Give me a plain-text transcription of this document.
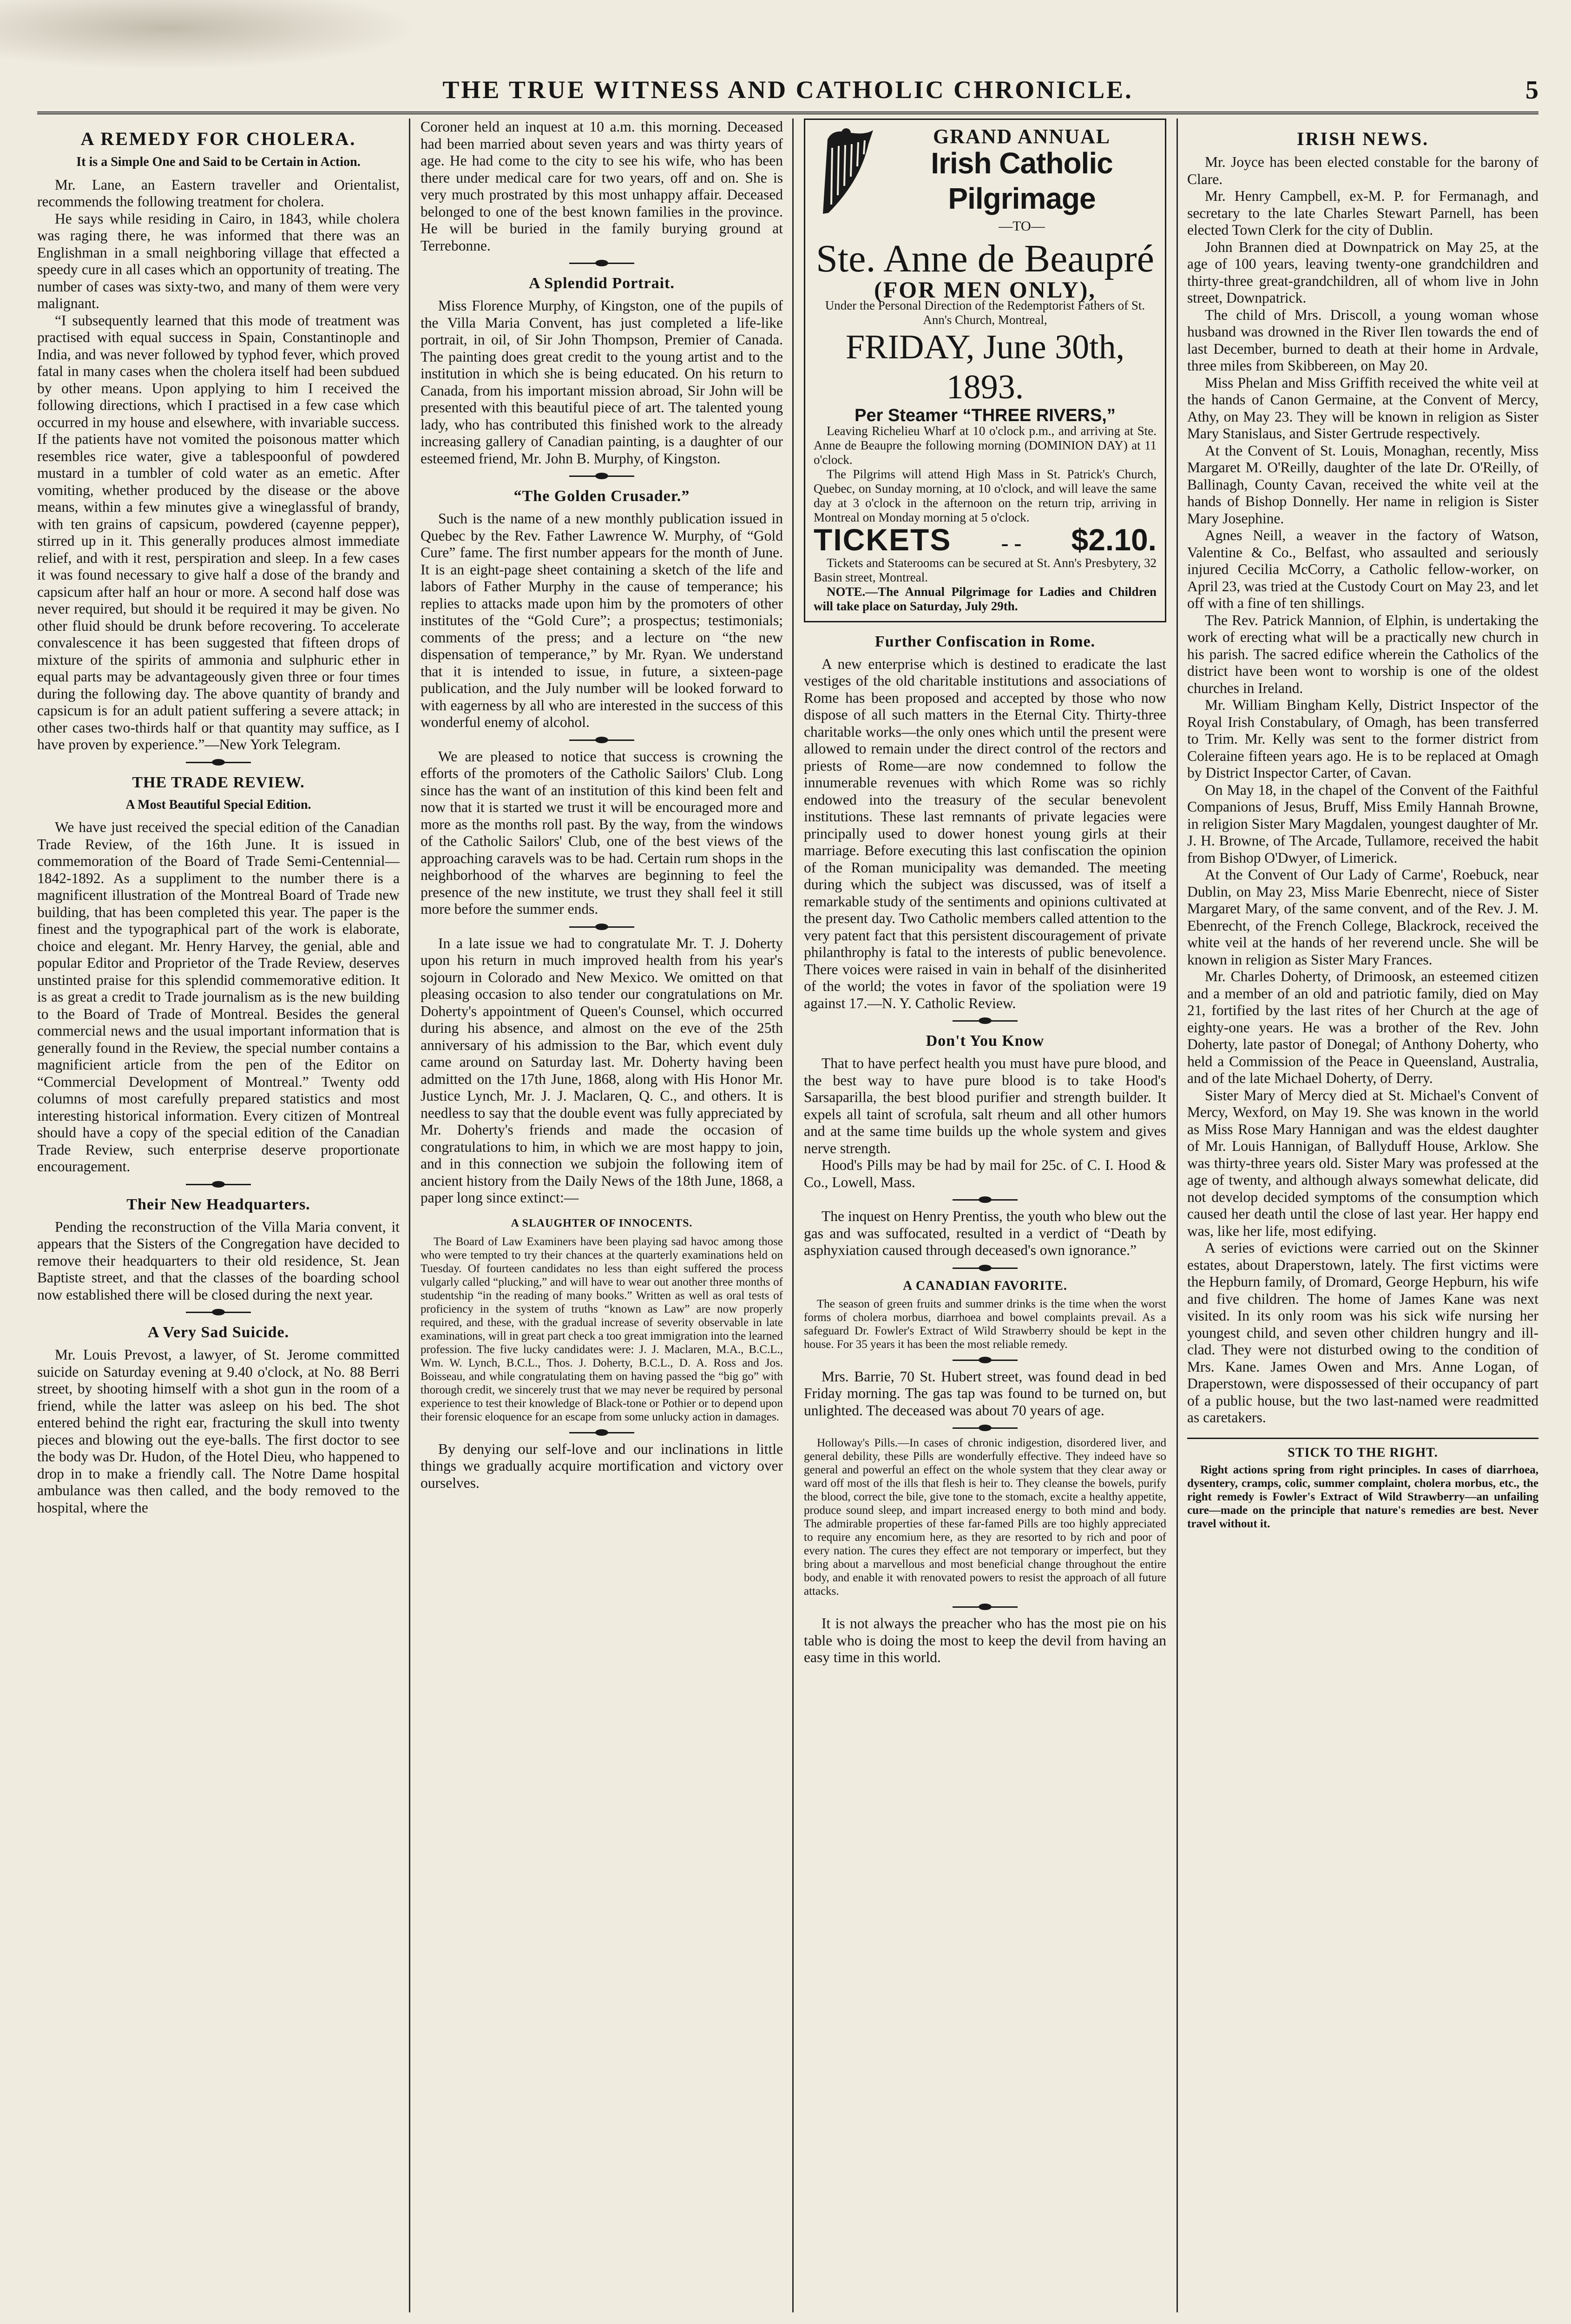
THE TRUE WITNESS AND CATHOLIC CHRONICLE.	5
A REMEDY FOR CHOLERA.
It is a Simple One and Said to be Certain in Action.

Mr. Lane, an Eastern traveller and Orientalist, recommends the following treatment for cholera.

He says while residing in Cairo, in 1843, while cholera was raging there, he was informed that there was an Englishman in a small neighboring village that effected a speedy cure in all cases which an opportunity of treating. The number of cases was sixty-two, and many of them were very malignant.

“I subsequently learned that this mode of treatment was practised with equal success in Spain, Constantinople and India, and was never followed by typhod fever, which proved fatal in many cases when the cholera itself had been subdued by other means. Upon applying to him I received the following directions, which I practised in a few case which occurred in my house and elsewhere, with invariable success. If the patients have not vomited the poisonous matter which resembles rice water, give a tablespoonful of powdered mustard in a tumbler of cold water as an emetic. After vomiting, whether produced by the disease or the above means, within a few minutes give a wineglassful of brandy, with ten grains of capsicum, powdered (cayenne pepper), stirred up in it. This generally produces almost immediate relief, and with it rest, perspiration and sleep. In a few cases it was found necessary to give half a dose of the brandy and capsicum after half an hour or more. A second half dose was never required, but should it be required it may be given. No other fluid should be drunk before recovering. To accelerate convalescence it has been suggested that fifteen drops of mixture of the spirits of ammonia and sulphuric ether in equal parts may be advantageously given three or four times during the following day. The above quantity of brandy and capsicum is for an adult patient suffering a severe attack; in other cases two-thirds half or that quantity may suffice, as I have proven by experience.”—New York Telegram.

THE TRADE REVIEW.
A Most Beautiful Special Edition.

We have just received the special edition of the Canadian Trade Review, of the 16th June. It is issued in commemoration of the Board of Trade Semi-Centennial—1842-1892. As a suppliment to the number there is a magnificent illustration of the Montreal Board of Trade new building, that has been completed this year. The paper is the finest and the typographical part of the work is elaborate, choice and elegant. Mr. Henry Harvey, the genial, able and popular Editor and Proprietor of the Trade Review, deserves unstinted praise for this splendid commemorative edition. It is as great a credit to Trade journalism as is the new building to the Board of Trade of Montreal. Besides the general commercial news and the usual important information that is generally found in the Review, the special number contains a magnificient article from the pen of the Editor on “Commercial Development of Montreal.” Twenty odd columns of most carefully prepared statistics and most interesting historical information. Every citizen of Montreal should have a copy of the special edition of the Canadian Trade Review, such enterprise deserve proportionate encouragement.

Their New Headquarters.

Pending the reconstruction of the Villa Maria convent, it appears that the Sisters of the Congregation have decided to remove their headquarters to their old residence, St. Jean Baptiste street, and that the classes of the boarding school now established there will be closed during the next year.

A Very Sad Suicide.

Mr. Louis Prevost, a lawyer, of St. Jerome committed suicide on Saturday evening at 9.40 o'clock, at No. 88 Berri street, by shooting himself with a shot gun in the room of a friend, while the latter was asleep on his bed. The shot entered behind the right ear, fracturing the skull into twenty pieces and blowing out the eye-balls. The first doctor to see the body was Dr. Hudon, of the Hotel Dieu, who happened to drop in to make a friendly call. The Notre Dame hospital ambulance was then called, and the body removed to the hospital, where the

Coroner held an inquest at 10 a.m. this morning. Deceased had been married about seven years and was thirty years of age. He had come to the city to see his wife, who has been there under medical care for two years, off and on. She is very much prostrated by this most unhappy affair. Deceased belonged to one of the best known families in the province. He will be buried in the family burying ground at Terrebonne.

A Splendid Portrait.

Miss Florence Murphy, of Kingston, one of the pupils of the Villa Maria Convent, has just completed a life-like portrait, in oil, of Sir John Thompson, Premier of Canada. The painting does great credit to the young artist and to the institution in which she is being educated. On his return to Canada, from his important mission abroad, Sir John will be presented with this beautiful piece of art. The talented young lady, who has contributed this finished work to the already increasing gallery of Canadian painting, is a daughter of our esteemed friend, Mr. John B. Murphy, of Kingston.

“The Golden Crusader.”

Such is the name of a new monthly publication issued in Quebec by the Rev. Father Lawrence W. Murphy, of “Gold Cure” fame. The first number appears for the month of June. It is an eight-page sheet containing a sketch of the life and labors of Father Murphy in the cause of temperance; his replies to attacks made upon him by the promoters of other institutes of the “Gold Cure”; a prospectus; testimonials; comments of the press; and a lecture on “the new dispensation of temperance,” by Mr. Ryan. We understand that it is intended to issue, in future, a sixteen-page publication, and the July number will be looked forward to with eagerness by all who are interested in the success of this wonderful enemy of alcohol.

We are pleased to notice that success is crowning the efforts of the promoters of the Catholic Sailors' Club. Long since has the want of an institution of this kind been felt and now that it is started we trust it will be encouraged more and more as the months roll past. By the way, from the windows of the Catholic Sailors' Club, one of the best views of the approaching caravels was to be had. Certain rum shops in the neighborhood of the wharves are beginning to feel the presence of the new institute, we trust they shall feel it still more before the summer ends.

In a late issue we had to congratulate Mr. T. J. Doherty upon his return in much improved health from his year's sojourn in Colorado and New Mexico. We omitted on that pleasing occasion to also tender our congratulations on Mr. Doherty's appointment of Queen's Counsel, which occurred during his absence, and almost on the eve of the 25th anniversary of his admission to the Bar, which event duly came around on Saturday last. Mr. Doherty having been admitted on the 17th June, 1868, along with His Honor Mr. Justice Lynch, Mr. J. J. Maclaren, Q. C., and others. It is needless to say that the double event was fully appreciated by Mr. Doherty's friends and made the occasion of congratulations to him, in which we are most happy to join, and in this connection we subjoin the following item of ancient history from the Daily News of the 18th June, 1868, a paper long since extinct:—

A SLAUGHTER OF INNOCENTS.

The Board of Law Examiners have been playing sad havoc among those who were tempted to try their chances at the quarterly examinations held on Tuesday. Of fourteen candidates no less than eight suffered the process vulgarly called “plucking,” and will have to wear out another three months of studentship “in the reading of many books.” Written as well as oral tests of proficiency in the system of truths “known as Law” are now properly required, and these, with the gradual increase of severity observable in late examinations, will in great part check a too great immigration into the learned profession. The five lucky candidates were: J. J. Maclaren, M.A., B.C.L., Wm. W. Lynch, B.C.L., Thos. J. Doherty, B.C.L., D. A. Ross and Jos. Boisseau, and while congratulating them on having passed the “big go” with thorough credit, we sincerely trust that we may never be required by personal experience to test their knowledge of Black-tone or Pothier or to depend upon their forensic eloquence for an escape from some unlucky action in damages.

By denying our self-love and our inclinations in little things we gradually acquire mortification and victory over ourselves.

GRAND ANNUAL
Irish Catholic Pilgrimage
—TO—
Ste. Anne de Beaupré
(FOR MEN ONLY),
Under the Personal Direction of the Redemptorist Fathers of St. Ann's Church, Montreal,
FRIDAY, June 30th, 1893.
Per Steamer “THREE RIVERS,”

Leaving Richelieu Wharf at 10 o'clock p.m., and arriving at Ste. Anne de Beaupre the following morning (DOMINION DAY) at 11 o'clock.

The Pilgrims will attend High Mass in St. Patrick's Church, Quebec, on Sunday morning, at 10 o'clock, and will leave the same day at 3 o'clock in the afternoon on the return trip, arriving in Montreal on Monday morning at 5 o'clock.

TICKETS - - $2.10.

Tickets and Staterooms can be secured at St. Ann's Presbytery, 32 Basin street, Montreal.

NOTE.—The Annual Pilgrimage for Ladies and Children will take place on Saturday, July 29th.

Further Confiscation in Rome.

A new enterprise which is destined to eradicate the last vestiges of the old charitable institutions and associations of Rome has been proposed and accepted by those who now dispose of all such matters in the Eternal City. Thirty-three charitable works—the only ones which until the present were allowed to remain under the direct control of the rectors and priests of Rome—are now condemned to follow the innumerable revenues with which Rome was so richly endowed into the treasury of the secular benevolent institutions. These last remnants of private legacies were principally used to dower honest young girls at their marriage. Before executing this last confiscation the opinion of the Roman municipality was demanded. The meeting during which the subject was discussed, was of itself a remarkable study of the sentiments and opinions cultivated at the present day. Two Catholic members called attention to the very patent fact that this persistent discouragement of private philanthrophy is fatal to the interests of public benevolence. There voices were raised in vain in behalf of the disinherited of the world; the votes in favor of the spoliation were 19 against 17.—N. Y. Catholic Review.

Don't You Know

That to have perfect health you must have pure blood, and the best way to have pure blood is to take Hood's Sarsaparilla, the best blood purifier and strength builder. It expels all taint of scrofula, salt rheum and all other humors and at the same time builds up the whole system and gives nerve strength.

Hood's Pills may be had by mail for 25c. of C. I. Hood & Co., Lowell, Mass.

The inquest on Henry Prentiss, the youth who blew out the gas and was suffocated, resulted in a verdict of “Death by asphyxiation caused through deceased's own ignorance.”

A CANADIAN FAVORITE.

The season of green fruits and summer drinks is the time when the worst forms of cholera morbus, diarrhoea and bowel complaints prevail. As a safeguard Dr. Fowler's Extract of Wild Strawberry should be kept in the house. For 35 years it has been the most reliable remedy.

Mrs. Barrie, 70 St. Hubert street, was found dead in bed Friday morning. The gas tap was found to be turned on, but unlighted. The deceased was about 70 years of age.

Holloway's Pills.—In cases of chronic indigestion, disordered liver, and general debility, these Pills are wonderfully effective. They indeed have so general and powerful an effect on the whole system that they clear away or ward off most of the ills that flesh is heir to. They cleanse the bowels, purify the blood, correct the bile, give tone to the stomach, excite a healthy appetite, produce sound sleep, and impart increased energy to both mind and body. The admirable properties of these far-famed Pills are too highly appreciated to require any encomium here, as they are resorted to by rich and poor of every nation. The cures they effect are not temporary or imperfect, but they bring about a marvellous and most beneficial change throughout the entire body, and enable it with renovated powers to resist the approach of all future attacks.

It is not always the preacher who has the most pie on his table who is doing the most to keep the devil from having an easy time in this world.

IRISH NEWS.

Mr. Joyce has been elected constable for the barony of Clare.

Mr. Henry Campbell, ex-M. P. for Fermanagh, and secretary to the late Charles Stewart Parnell, has been elected Town Clerk for the city of Dublin.

John Brannen died at Downpatrick on May 25, at the age of 100 years, leaving twenty-one grandchildren and thirty-three great-grandchildren, all of whom live in John street, Downpatrick.

The child of Mrs. Driscoll, a young woman whose husband was drowned in the River Ilen towards the end of last December, burned to death at their home in Ardvale, three miles from Skibbereen, on May 20.

Miss Phelan and Miss Griffith received the white veil at the hands of Canon Germaine, at the Convent of Mercy, Athy, on May 23. They will be known in religion as Sister Mary Stanislaus, and Sister Gertrude respectively.

At the Convent of St. Louis, Monaghan, recently, Miss Margaret M. O'Reilly, daughter of the late Dr. O'Reilly, of Ballinagh, County Cavan, received the white veil at the hands of Bishop Donnelly. Her name in religion is Sister Mary Josephine.

Agnes Neill, a weaver in the factory of Watson, Valentine & Co., Belfast, who assaulted and seriously injured Cecilia McCorry, a Catholic fellow-worker, on April 23, was tried at the Custody Court on May 23, and let off with a fine of ten shillings.

The Rev. Patrick Mannion, of Elphin, is undertaking the work of erecting what will be a practically new church in his parish. The sacred edifice wherein the Catholics of the district have been wont to worship is one of the oldest churches in Ireland.

Mr. William Bingham Kelly, District Inspector of the Royal Irish Constabulary, of Omagh, has been transferred to Trim. Mr. Kelly was sent to the former district from Coleraine fifteen years ago. He is to be replaced at Omagh by District Inspector Carter, of Cavan.

On May 18, in the chapel of the Convent of the Faithful Companions of Jesus, Bruff, Miss Emily Hannah Browne, in religion Sister Mary Magdalen, youngest daughter of Mr. J. H. Browne, of The Arcade, Tullamore, received the habit from Bishop O'Dwyer, of Limerick.

At the Convent of Our Lady of Carme', Roebuck, near Dublin, on May 23, Miss Marie Ebenrecht, niece of Sister Margaret Mary, of the same convent, and of the Rev. J. M. Ebenrecht, of the French College, Blackrock, received the white veil at the hands of her reverend uncle. She will be known in religion as Sister Mary Frances.

Mr. Charles Doherty, of Drimoosk, an esteemed citizen and a member of an old and patriotic family, died on May 21, fortified by the last rites of her Church at the age of eighty-one years. He was a brother of the Rev. John Doherty, late pastor of Donegal; of Anthony Doherty, who held a Commission of the Peace in Queensland, Australia, and of the late Michael Doherty, of Derry.

Sister Mary of Mercy died at St. Michael's Convent of Mercy, Wexford, on May 19. She was known in the world as Miss Rose Mary Hannigan and was the eldest daughter of Mr. Louis Hannigan, of Ballyduff House, Arklow. She was thirty-three years old. Sister Mary was professed at the age of twenty, and although always somewhat delicate, did not develop decided symptoms of the consumption which caused her death until the close of last year. Her happy end was, like her life, most edifying.

A series of evictions were carried out on the Skinner estates, about Draperstown, lately. The first victims were the Hepburn family, of Dromard, George Hepburn, his wife and five children. The home of James Kane was next visited. In its only room was his sick wife nursing her youngest child, and seven other children hungry and ill-clad. They were not disturbed owing to the condition of Mrs. Kane. James Owen and Mrs. Anne Logan, of Draperstown, were dispossessed of their occupancy of part of a public house, but the two last-named were readmitted as caretakers.

STICK TO THE RIGHT.

Right actions spring from right principles. In cases of diarrhoea, dysentery, cramps, colic, summer complaint, cholera morbus, etc., the right remedy is Fowler's Extract of Wild Strawberry—an unfailing cure—made on the principle that nature's remedies are best. Never travel without it.
